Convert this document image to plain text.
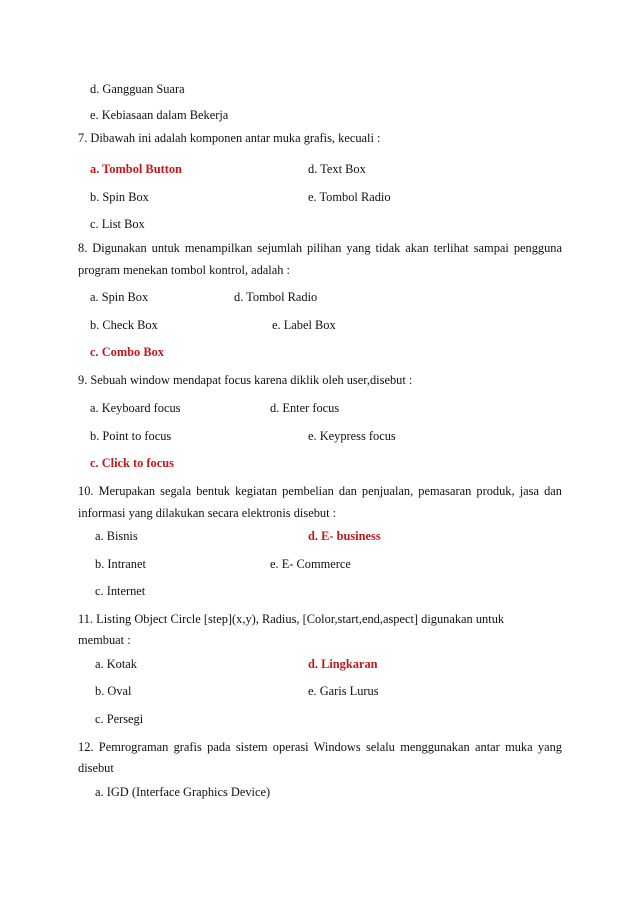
d. Gangguan Suara
e. Kebiasaan dalam Bekerja
7. Dibawah ini adalah komponen antar muka grafis, kecuali :
a. Tombol Button	d. Text Box
b. Spin Box	e. Tombol Radio
c. List Box
8. Digunakan untuk menampilkan sejumlah pilihan yang tidak akan terlihat sampai pengguna
program menekan tombol kontrol, adalah :
a. Spin Box	d. Tombol Radio
b. Check Box	e. Label Box
c. Combo Box
9. Sebuah window mendapat focus karena diklik oleh user,disebut :
a. Keyboard focus	d. Enter focus
b. Point to focus	e. Keypress focus
c. Click to focus
10. Merupakan segala bentuk kegiatan pembelian dan penjualan, pemasaran produk, jasa dan
informasi yang dilakukan secara elektronis disebut :
a. Bisnis	d. E- business
b. Intranet	e. E- Commerce
c. Internet
11. Listing Object Circle [step](x,y), Radius, [Color,start,end,aspect] digunakan untuk
membuat :
a. Kotak	d. Lingkaran
b. Oval	e. Garis Lurus
c. Persegi
12. Pemrograman grafis pada sistem operasi Windows selalu menggunakan antar muka yang
disebut
a. IGD (Interface Graphics Device)
